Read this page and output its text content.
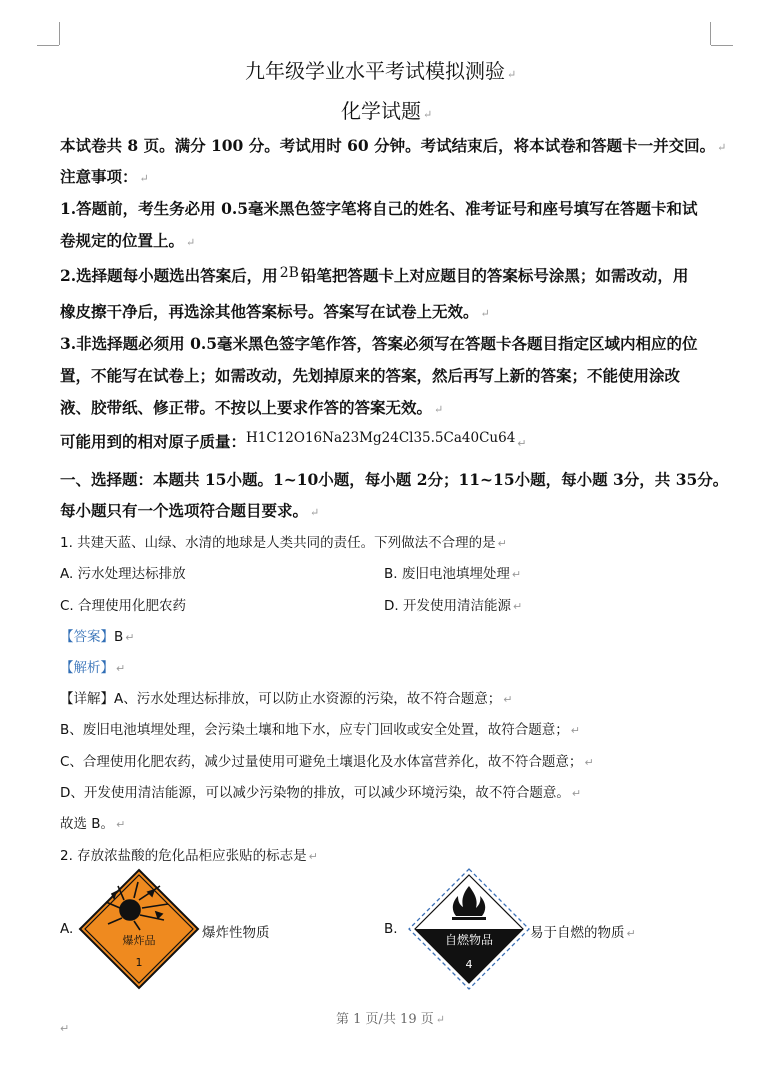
九年级学业水平考试模拟测验 ↵
化学试题 ↵
本试卷共 8 页。满分 100 分。考试用时 60 分钟。考试结束后，将本试卷和答题卡一并交回。 ↵
注意事项： ↵
1.答题前，考生务必用 0.5毫米黑色签字笔将自己的姓名、准考证号和座号填写在答题卡和试
卷规定的位置上。 ↵
2.选择题每小题选出答案后，用 2B 铅笔把答题卡上对应题目的答案标号涂黑；如需改动，用
橡皮擦干净后，再选涂其他答案标号。答案写在试卷上无效。 ↵
3.非选择题必须用 0.5毫米黑色签字笔作答，答案必须写在答题卡各题目指定区域内相应的位
置，不能写在试卷上；如需改动，先划掉原来的答案，然后再写上新的答案；不能使用涂改
液、胶带纸、修正带。不按以上要求作答的答案无效。 ↵
可能用到的相对原子质量：$^{H1C12O16Na23Mg24Cl35.5Ca40Cu64}$ ↵
一、选择题：本题共 15小题。1~10小题，每小题 2分；11~15小题，每小题 3分，共 35分。
每小题只有一个选项符合题目要求。 ↵
1. 共建天蓝、山绿、水清的地球是人类共同的责任。下列做法不合理的是 ↵
A. 污水处理达标排放	B. 废旧电池填埋处理 ↵
C. 合理使用化肥农药	D. 开发使用清洁能源 ↵
【答案】B ↵
【解析】 ↵
【详解】A、污水处理达标排放，可以防止水资源的污染，故不符合题意； ↵
B、废旧电池填埋处理，会污染土壤和地下水，应专门回收或安全处置，故符合题意； ↵
C、合理使用化肥农药，减少过量使用可避免土壤退化及水体富营养化，故不符合题意； ↵
D、开发使用清洁能源，可以减少污染物的排放，可以减少环境污染，故不符合题意。 ↵
故选 B。 ↵
2. 存放浓盐酸的危化品柜应张贴的标志是 ↵
A.
爆炸品
1
爆炸性物质	B.
自燃物品
4
易于自燃的物质 ↵
第 1 页/共 19 页 ↵
↵
